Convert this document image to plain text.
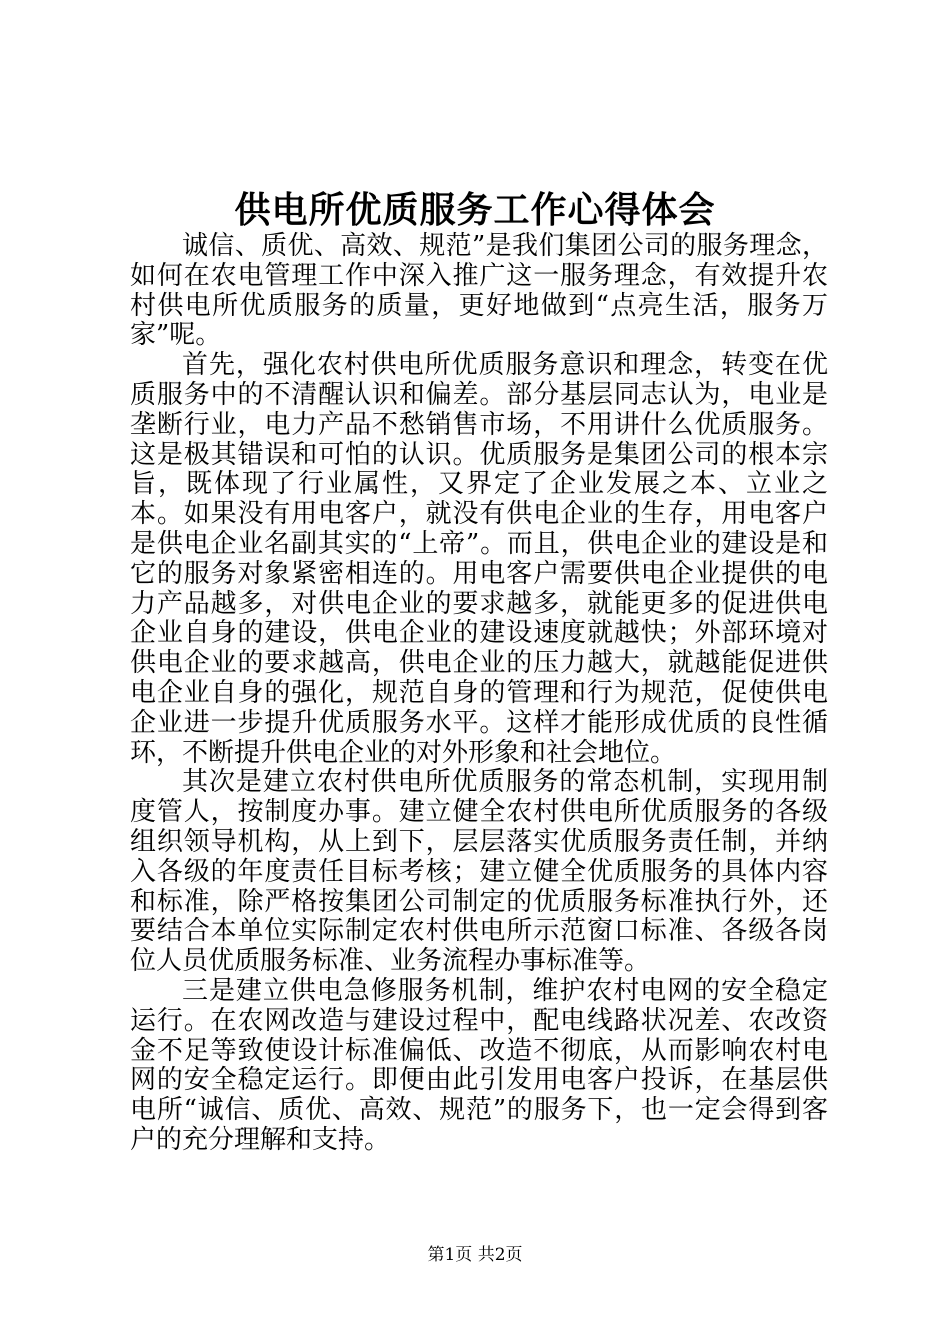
供电所优质服务工作心得体会

诚信、质优、高效、规范”是我们集团公司的服务理念，如何在农电管理工作中深入推广这一服务理念，有效提升农村供电所优质服务的质量，更好地做到“点亮生活，服务万家”呢。

首先，强化农村供电所优质服务意识和理念，转变在优质服务中的不清醒认识和偏差。部分基层同志认为，电业是垄断行业，电力产品不愁销售市场，不用讲什么优质服务。这是极其错误和可怕的认识。优质服务是集团公司的根本宗旨，既体现了行业属性，又界定了企业发展之本、立业之本。如果没有用电客户，就没有供电企业的生存，用电客户是供电企业名副其实的“上帝”。而且，供电企业的建设是和它的服务对象紧密相连的。用电客户需要供电企业提供的电力产品越多，对供电企业的要求越多，就能更多的促进供电企业自身的建设，供电企业的建设速度就越快；外部环境对供电企业的要求越高，供电企业的压力越大，就越能促进供电企业自身的强化，规范自身的管理和行为规范，促使供电企业进一步提升优质服务水平。这样才能形成优质的良性循环，不断提升供电企业的对外形象和社会地位。

其次是建立农村供电所优质服务的常态机制，实现用制度管人，按制度办事。建立健全农村供电所优质服务的各级组织领导机构，从上到下，层层落实优质服务责任制，并纳入各级的年度责任目标考核；建立健全优质服务的具体内容和标准，除严格按集团公司制定的优质服务标准执行外，还要结合本单位实际制定农村供电所示范窗口标准、各级各岗位人员优质服务标准、业务流程办事标准等。

三是建立供电急修服务机制，维护农村电网的安全稳定运行。在农网改造与建设过程中，配电线路状况差、农改资金不足等致使设计标准偏低、改造不彻底，从而影响农村电网的安全稳定运行。即便由此引发用电客户投诉，在基层供电所“诚信、质优、高效、规范”的服务下，也一定会得到客户的充分理解和支持。

第1页 共2页
